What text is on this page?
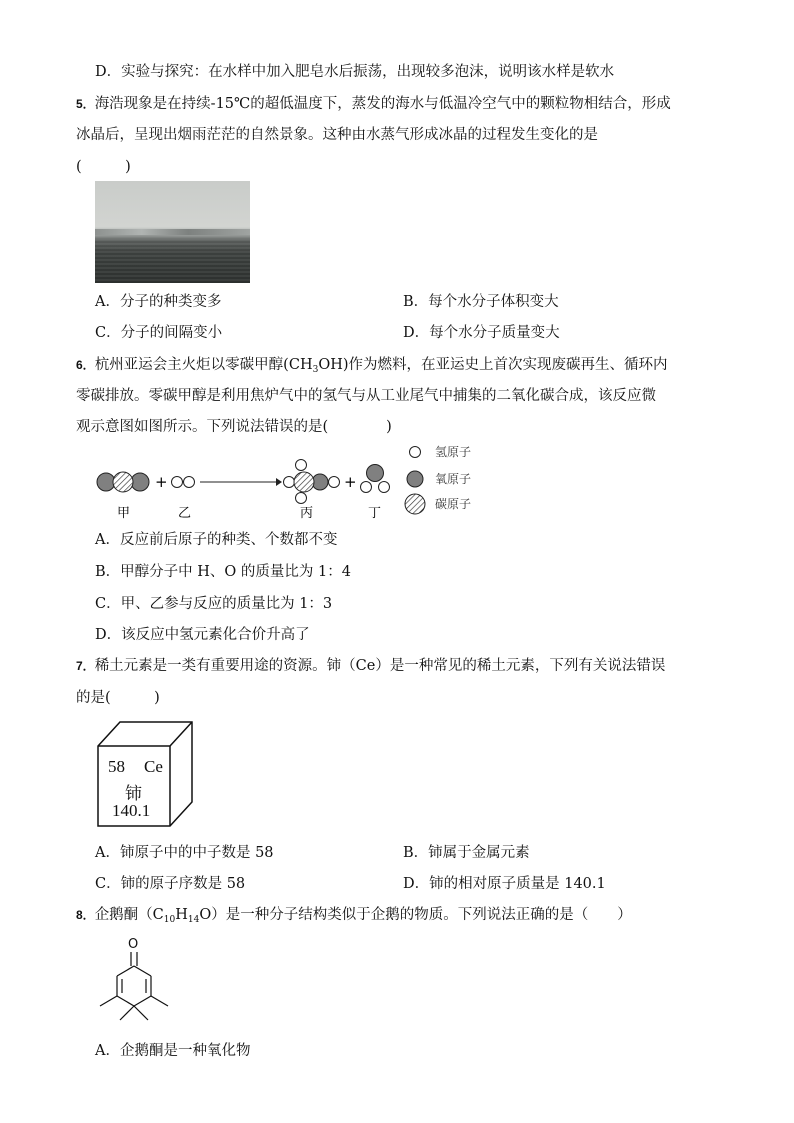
D．实验与探究：在水样中加入肥皂水后振荡，出现较多泡沫，说明该水样是软水
5．海浩现象是在持续-15℃的超低温度下，蒸发的海水与低温冷空气中的颗粒物相结合，形成
冰晶后，呈现出烟雨茫茫的自然景象。这种由水蒸气形成冰晶的过程发生变化的是
(　　　)
A．分子的种类变多	B．每个水分子体积变大
C．分子的间隔变小	D．每个水分子质量变大
6．杭州亚运会主火炬以零碳甲醇$(CH_3OH)$作为燃料，在亚运史上首次实现废碳再生、循环内
零碳排放。零碳甲醇是利用焦炉气中的氢气与从工业尾气中捕集的二氧化碳合成，该反应微
观示意图如图所示。下列说法错误的是(　　　　)
+	+
甲	乙	丙	丁
氢原子
氧原子
碳原子
A．反应前后原子的种类、个数都不变
B．甲醇分子中 H、O 的质量比为 1：4
C．甲、乙参与反应的质量比为 1：3
D．该反应中氢元素化合价升高了
7．稀土元素是一类有重要用途的资源。铈（Ce）是一种常见的稀土元素，下列有关说法错误
的是(　　　)
58 Ce
铈
140.1
A．铈原子中的中子数是 58	B．铈属于金属元素
C．铈的原子序数是 58	D．铈的相对原子质量是 140.1
8．企鹅酮$(C_{10}H_{14}O)$是一种分子结构类似于企鹅的物质。下列说法正确的是（　　）
O
A．企鹅酮是一种氧化物
